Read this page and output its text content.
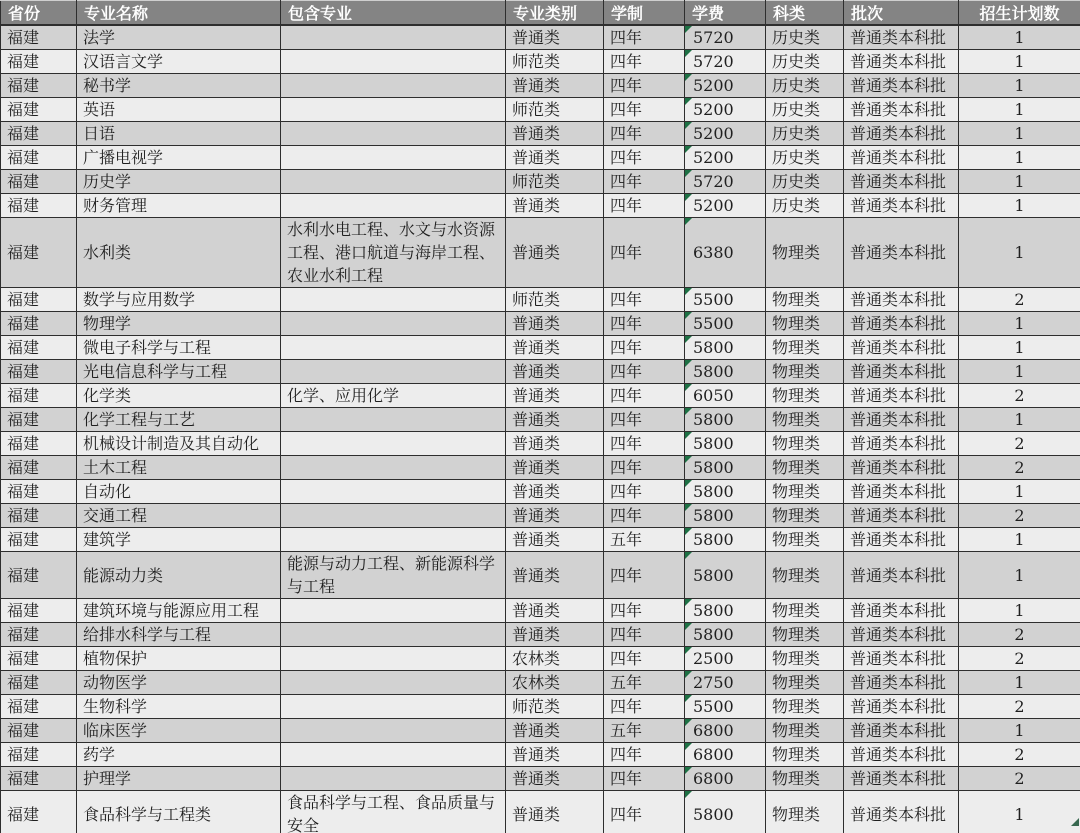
省份	专业名称	包含专业	专业类别	学制	学费	科类	批次	招生计划数
福建	法学		普通类	四年	5720	历史类	普通类本科批	1
福建	汉语言文学		师范类	四年	5720	历史类	普通类本科批	1
福建	秘书学		普通类	四年	5200	历史类	普通类本科批	1
福建	英语		师范类	四年	5200	历史类	普通类本科批	1
福建	日语		普通类	四年	5200	历史类	普通类本科批	1
福建	广播电视学		普通类	四年	5200	历史类	普通类本科批	1
福建	历史学		师范类	四年	5720	历史类	普通类本科批	1
福建	财务管理		普通类	四年	5200	历史类	普通类本科批	1
福建	水利类	水利水电工程、水文与水资源工程、港口航道与海岸工程、农业水利工程	普通类	四年	6380	物理类	普通类本科批	1
福建	数学与应用数学		师范类	四年	5500	物理类	普通类本科批	2
福建	物理学		普通类	四年	5500	物理类	普通类本科批	1
福建	微电子科学与工程		普通类	四年	5800	物理类	普通类本科批	1
福建	光电信息科学与工程		普通类	四年	5800	物理类	普通类本科批	1
福建	化学类	化学、应用化学	普通类	四年	6050	物理类	普通类本科批	2
福建	化学工程与工艺		普通类	四年	5800	物理类	普通类本科批	1
福建	机械设计制造及其自动化		普通类	四年	5800	物理类	普通类本科批	2
福建	土木工程		普通类	四年	5800	物理类	普通类本科批	2
福建	自动化		普通类	四年	5800	物理类	普通类本科批	1
福建	交通工程		普通类	四年	5800	物理类	普通类本科批	2
福建	建筑学		普通类	五年	5800	物理类	普通类本科批	1
福建	能源动力类	能源与动力工程、新能源科学与工程	普通类	四年	5800	物理类	普通类本科批	1
福建	建筑环境与能源应用工程		普通类	四年	5800	物理类	普通类本科批	1
福建	给排水科学与工程		普通类	四年	5800	物理类	普通类本科批	2
福建	植物保护		农林类	四年	2500	物理类	普通类本科批	2
福建	动物医学		农林类	五年	2750	物理类	普通类本科批	1
福建	生物科学		师范类	四年	5500	物理类	普通类本科批	2
福建	临床医学		普通类	五年	6800	物理类	普通类本科批	1
福建	药学		普通类	四年	6800	物理类	普通类本科批	2
福建	护理学		普通类	四年	6800	物理类	普通类本科批	2
福建	食品科学与工程类	食品科学与工程、食品质量与安全	普通类	四年	5800	物理类	普通类本科批	1
